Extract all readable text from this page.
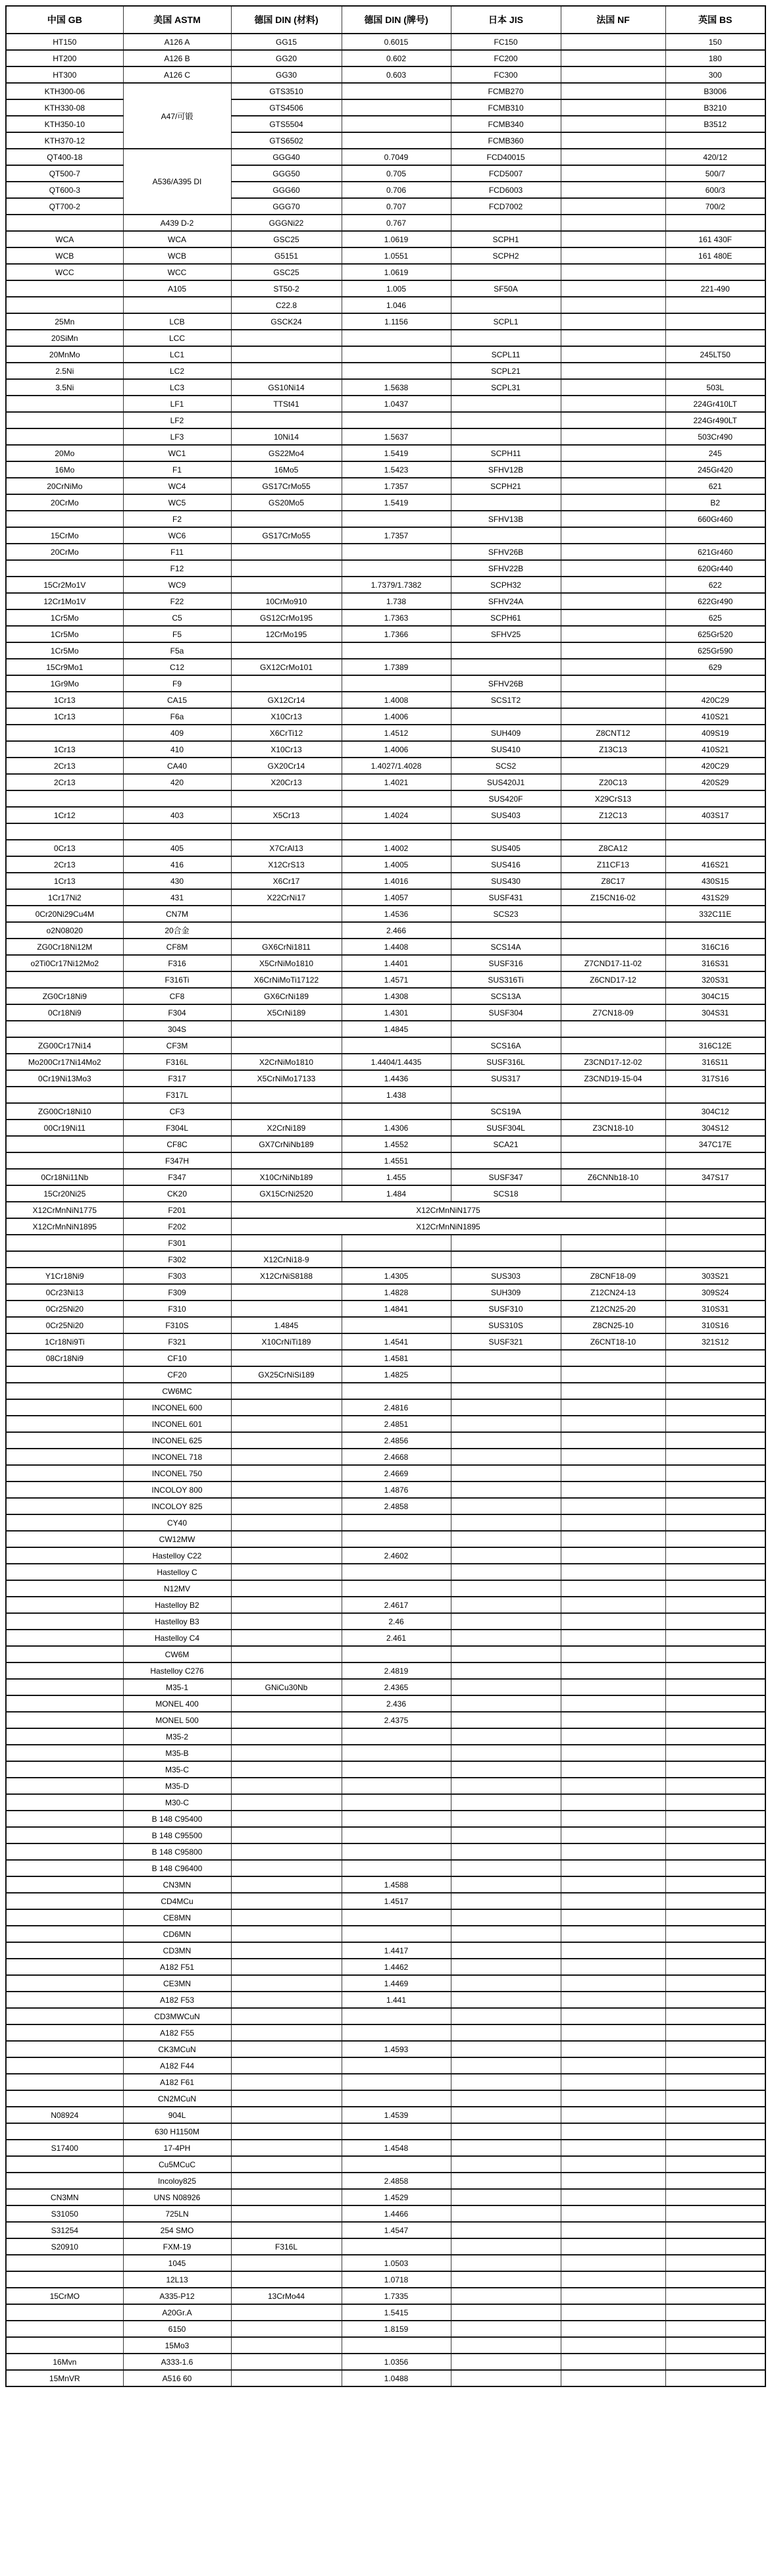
中国 GB	美国 ASTM	德国 DIN (材料)	德国 DIN (牌号)	日本 JIS	法国 NF	英国 BS
HT150	A126 A	GG15	0.6015	FC150		150
HT200	A126 B	GG20	0.602	FC200		180
HT300	A126 C	GG30	0.603	FC300		300
KTH300-06	A47/可锻	GTS3510		FCMB270		B3006
KTH330-08		GTS4506		FCMB310		B3210
KTH350-10		GTS5504		FCMB340		B3512
KTH370-12		GTS6502		FCMB360		
QT400-18	A536/A395 DI	GGG40	0.7049	FCD40015		420/12
QT500-7		GGG50	0.705	FCD5007		500/7
QT600-3		GGG60	0.706	FCD6003		600/3
QT700-2		GGG70	0.707	FCD7002		700/2
	A439 D-2	GGGNi22	0.767			
WCA	WCA	GSC25	1.0619	SCPH1		161 430F
WCB	WCB	G5151	1.0551	SCPH2		161 480E
WCC	WCC	GSC25	1.0619			
	A105	ST50-2	1.005	SF50A		221-490
		C22.8	1.046			
25Mn	LCB	GSCK24	1.1156	SCPL1		
20SiMn	LCC					
20MnMo	LC1			SCPL11		245LT50
2.5Ni	LC2			SCPL21		
3.5Ni	LC3	GS10Ni14	1.5638	SCPL31		503L
	LF1	TTSt41	1.0437			224Gr410LT
	LF2					224Gr490LT
	LF3	10Ni14	1.5637			503Cr490
20Mo	WC1	GS22Mo4	1.5419	SCPH11		245
16Mo	F1	16Mo5	1.5423	SFHV12B		245Gr420
20CrNiMo	WC4	GS17CrMo55	1.7357	SCPH21		621
20CrMo	WC5	GS20Mo5	1.5419			B2
	F2			SFHV13B		660Gr460
15CrMo	WC6	GS17CrMo55	1.7357			
20CrMo	F11			SFHV26B		621Gr460
	F12			SFHV22B		620Gr440
15Cr2Mo1V	WC9		1.7379/1.7382	SCPH32		622
12Cr1Mo1V	F22	10CrMo910	1.738	SFHV24A		622Gr490
1Cr5Mo	C5	GS12CrMo195	1.7363	SCPH61		625
1Cr5Mo	F5	12CrMo195	1.7366	SFHV25		625Gr520
1Cr5Mo	F5a					625Gr590
15Cr9Mo1	C12	GX12CrMo101	1.7389			629
1Gr9Mo	F9			SFHV26B		
1Cr13	CA15	GX12Cr14	1.4008	SCS1T2		420C29
1Cr13	F6a	X10Cr13	1.4006			410S21
	409	X6CrTi12	1.4512	SUH409	Z8CNT12	409S19
1Cr13	410	X10Cr13	1.4006	SUS410	Z13C13	410S21
2Cr13	CA40	GX20Cr14	1.4027/1.4028	SCS2		420C29
2Cr13	420	X20Cr13	1.4021	SUS420J1	Z20C13	420S29
				SUS420F	X29CrS13	
1Cr12	403	X5Cr13	1.4024	SUS403	Z12C13	403S17

0Cr13	405	X7CrAl13	1.4002	SUS405	Z8CA12	
2Cr13	416	X12CrS13	1.4005	SUS416	Z11CF13	416S21
1Cr13	430	X6Cr17	1.4016	SUS430	Z8C17	430S15
1Cr17Ni2	431	X22CrNi17	1.4057	SUSF431	Z15CN16-02	431S29
0Cr20Ni29Cu4M	CN7M		1.4536	SCS23		332C11E
o2N08020	20合金		2.466			
ZG0Cr18Ni12M	CF8M	GX6CrNi1811	1.4408	SCS14A		316C16
o2Ti0Cr17Ni12Mo2	F316	X5CrNiMo1810	1.4401	SUSF316	Z7CND17-11-02	316S31
	F316Ti	X6CrNiMoTi17122	1.4571	SUS316Ti	Z6CND17-12	320S31
ZG0Cr18Ni9	CF8	GX6CrNi189	1.4308	SCS13A		304C15
0Cr18Ni9	F304	X5CrNi189	1.4301	SUSF304	Z7CN18-09	304S31
	304S		1.4845			
ZG00Cr17Ni14	CF3M			SCS16A		316C12E
Mo200Cr17Ni14Mo2	F316L	X2CrNiMo1810	1.4404/1.4435	SUSF316L	Z3CND17-12-02	316S11
0Cr19Ni13Mo3	F317	X5CrNiMo17133	1.4436	SUS317	Z3CND19-15-04	317S16
	F317L		1.438			
ZG00Cr18Ni10	CF3			SCS19A		304C12
00Cr19Ni11	F304L	X2CrNi189	1.4306	SUSF304L	Z3CN18-10	304S12
	CF8C	GX7CrNiNb189	1.4552	SCA21		347C17E
	F347H		1.4551			
0Cr18Ni11Nb	F347	X10CrNiNb189	1.455	SUSF347	Z6CNNb18-10	347S17
15Cr20Ni25	CK20	GX15CrNi2520	1.484	SCS18		
X12CrMnNiN1775	F201	X12CrMnNiN1775				
X12CrMnNiN1895	F202	X12CrMnNiN1895				
	F301					
	F302	X12CrNi18-9				
Y1Cr18Ni9	F303	X12CrNiS8188	1.4305	SUS303	Z8CNF18-09	303S21
0Cr23Ni13	F309		1.4828	SUH309	Z12CN24-13	309S24
0Cr25Ni20	F310		1.4841	SUSF310	Z12CN25-20	310S31
0Cr25Ni20	F310S	1.4845		SUS310S	Z8CN25-10	310S16
1Cr18Ni9Ti	F321	X10CrNiTi189	1.4541	SUSF321	Z6CNT18-10	321S12
08Cr18Ni9	CF10		1.4581			
	CF20	GX25CrNiSi189	1.4825			
	CW6MC					
	INCONEL 600		2.4816			
	INCONEL 601		2.4851			
	INCONEL 625		2.4856			
	INCONEL 718		2.4668			
	INCONEL 750		2.4669			
	INCOLOY 800		1.4876			
	INCOLOY 825		2.4858			
	CY40					
	CW12MW					
	Hastelloy C22		2.4602			
	Hastelloy C					
	N12MV					
	Hastelloy B2		2.4617			
	Hastelloy B3		2.46			
	Hastelloy C4		2.461			
	CW6M					
	Hastelloy C276		2.4819			
	M35-1	GNiCu30Nb	2.4365			
	MONEL 400		2.436			
	MONEL 500		2.4375			
	M35-2					
	M35-B					
	M35-C					
	M35-D					
	M30-C					
	B 148 C95400					
	B 148 C95500					
	B 148 C95800					
	B 148 C96400					
	CN3MN		1.4588			
	CD4MCu		1.4517			
	CE8MN					
	CD6MN					
	CD3MN		1.4417			
	A182 F51		1.4462			
	CE3MN		1.4469			
	A182 F53		1.441			
	CD3MWCuN					
	A182 F55					
	CK3MCuN		1.4593			
	A182 F44					
	A182 F61					
	CN2MCuN					
N08924	904L		1.4539			
	630 H1150M					
S17400	17-4PH		1.4548			
	Cu5MCuC					
	Incoloy825		2.4858			
CN3MN	UNS N08926		1.4529			
S31050	725LN		1.4466			
S31254	254 SMO		1.4547			
S20910	FXM-19	F316L				
	1045		1.0503			
	12L13		1.0718			
15CrMO	A335-P12	13CrMo44	1.7335			
	A20Gr.A		1.5415			
	6150		1.8159			
	15Mo3					
16Mvn	A333-1.6		1.0356			
15MnVR	A516 60		1.0488			
